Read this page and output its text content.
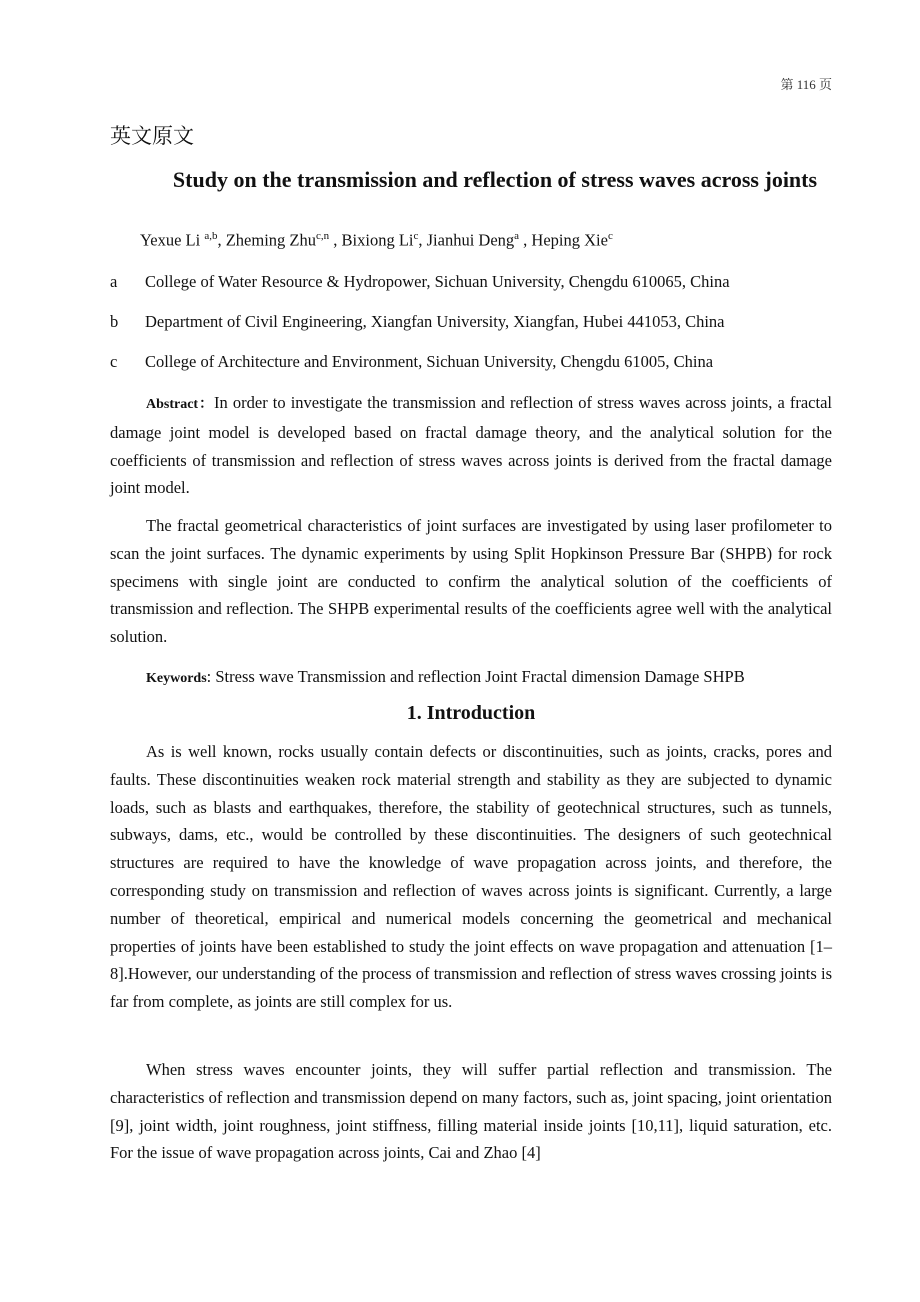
第 116 页
英文原文
Study on the transmission and reflection of stress waves across joints
Yexue Li $^{a,b}$, Zheming Zhu$^{c,n}$ , Bixiong Li$^c$, Jianhui Deng$^a$ , Heping Xie$^c$
a College of Water Resource & Hydropower, Sichuan University, Chengdu 610065, China
b Department of Civil Engineering, Xiangfan University, Xiangfan, Hubei 441053, China
c College of Architecture and Environment, Sichuan University, Chengdu 61005, China

Abstract：In order to investigate the transmission and reflection of stress waves across joints, a fractal damage joint model is developed based on fractal damage theory, and the analytical solution for the coefficients of transmission and reflection of stress waves across joints is derived from the fractal damage joint model.

The fractal geometrical characteristics of joint surfaces are investigated by using laser profilometer to scan the joint surfaces. The dynamic experiments by using Split Hopkinson Pressure Bar (SHPB) for rock specimens with single joint are conducted to confirm the analytical solution of the coefficients of transmission and reflection. The SHPB experimental results of the coefficients agree well with the analytical solution.

Keywords: Stress wave Transmission and reflection Joint Fractal dimension Damage SHPB

1. Introduction

As is well known, rocks usually contain defects or discontinuities, such as joints, cracks, pores and faults. These discontinuities weaken rock material strength and stability as they are subjected to dynamic loads, such as blasts and earthquakes, therefore, the stability of geotechnical structures, such as tunnels, subways, dams, etc., would be controlled by these discontinuities. The designers of such geotechnical structures are required to have the knowledge of wave propagation across joints, and therefore, the corresponding study on transmission and reflection of waves across joints is significant. Currently, a large number of theoretical, empirical and numerical models concerning the geometrical and mechanical properties of joints have been established to study the joint effects on wave propagation and attenuation [1–8].However, our understanding of the process of transmission and reflection of stress waves crossing joints is far from complete, as joints are still complex for us.

When stress waves encounter joints, they will suffer partial reflection and transmission. The characteristics of reflection and transmission depend on many factors, such as, joint spacing, joint orientation [9], joint width, joint roughness, joint stiffness, filling material inside joints [10,11], liquid saturation, etc. For the issue of wave propagation across joints, Cai and Zhao [4]
